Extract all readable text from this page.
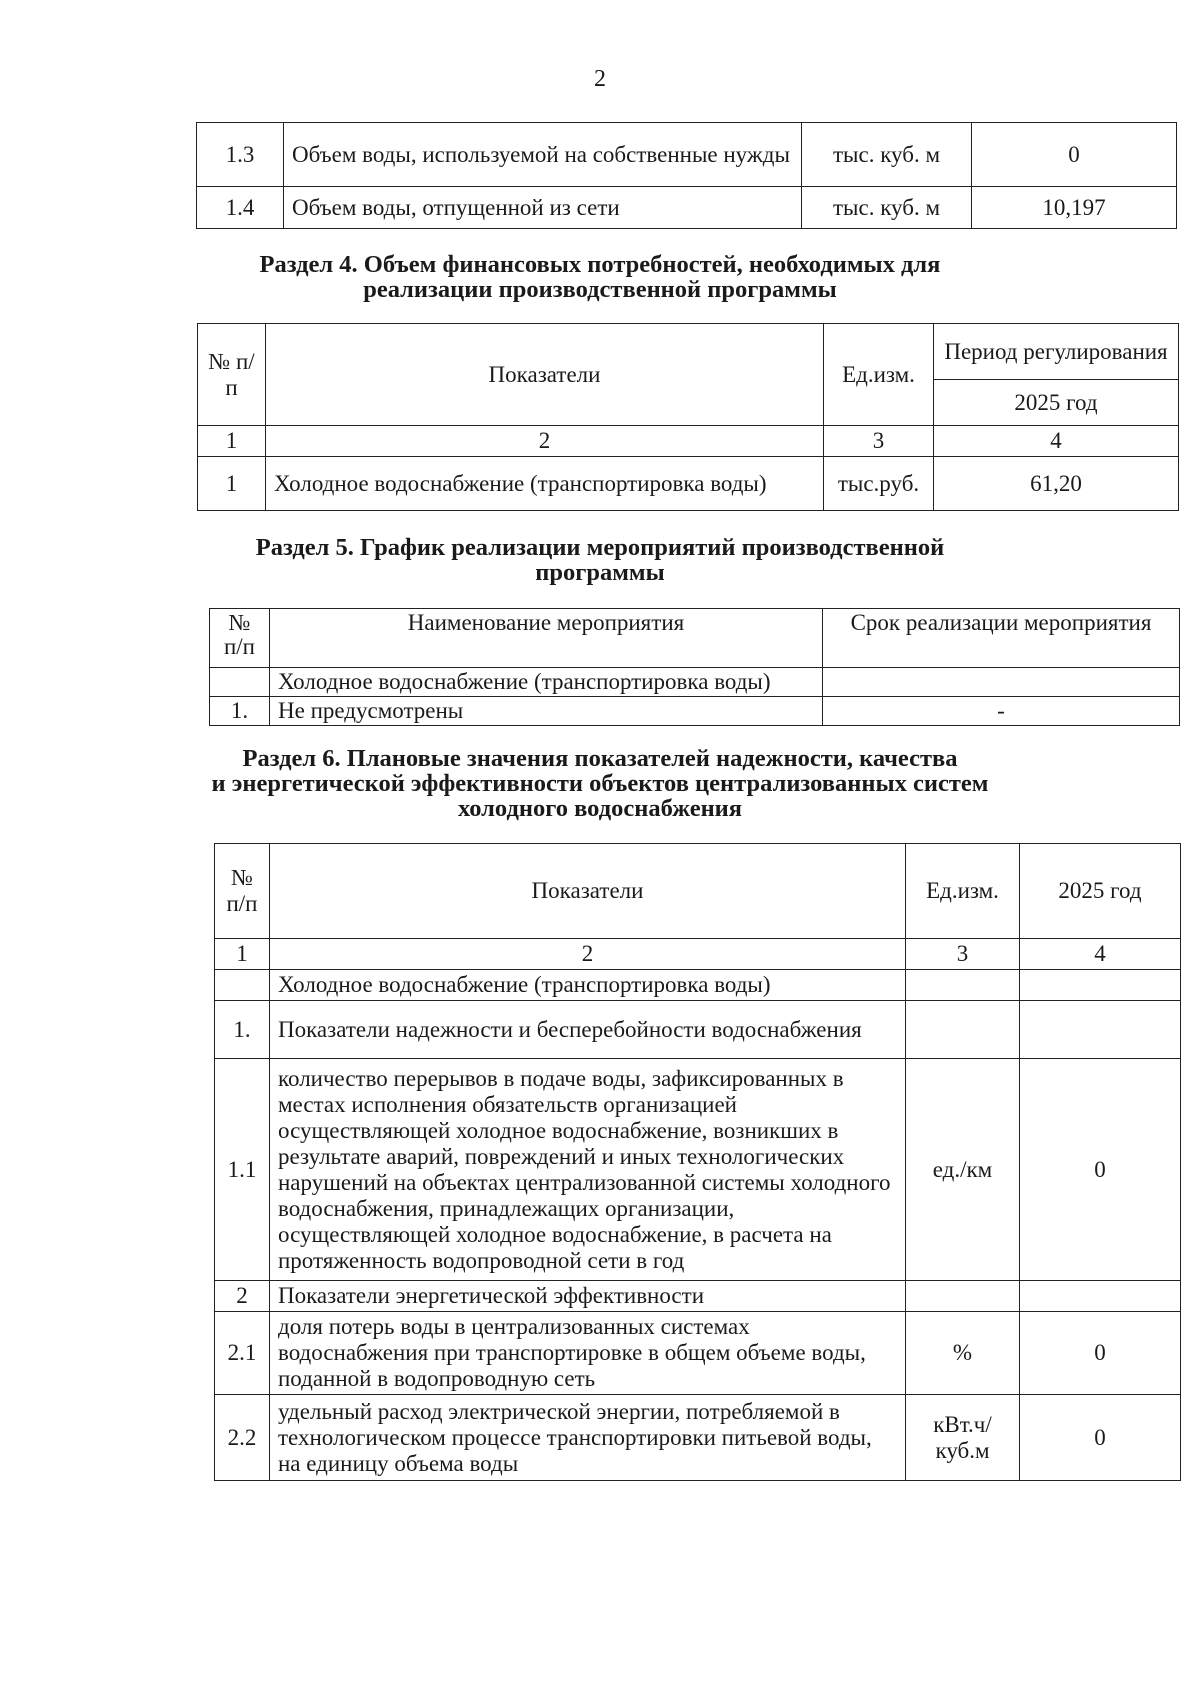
2
1.3	Объем воды, используемой на собственные нужды	тыс. куб. м	0
1.4	Объем воды, отпущенной из сети	тыс. куб. м	10,197
Раздел 4. Объем финансовых потребностей, необходимых для
реализации производственной программы
№ п/п	Показатели	Ед.изм.	Период регулирования
			2025 год
1	2	3	4
1	Холодное водоснабжение (транспортировка воды)	тыс.руб.	61,20
Раздел 5. График реализации мероприятий производственной
программы
№ п/п	Наименование мероприятия	Срок реализации мероприятия
	Холодное водоснабжение (транспортировка воды)	
1.	Не предусмотрены	-
Раздел 6. Плановые значения показателей надежности, качества
и энергетической эффективности объектов централизованных систем
холодного водоснабжения
№ п/п	Показатели	Ед.изм.	2025 год
1	2	3	4
	Холодное водоснабжение (транспортировка воды)		
1.	Показатели надежности и бесперебойности водоснабжения		
1.1	количество перерывов в подаче воды, зафиксированных в местах исполнения обязательств организацией осуществляющей холодное водоснабжение, возникших в результате аварий, повреждений и иных технологических нарушений на объектах централизованной системы холодного водоснабжения, принадлежащих организации, осуществляющей холодное водоснабжение, в расчета на протяженность водопроводной сети в год	ед./км	0
2	Показатели энергетической эффективности		
2.1	доля потерь воды в централизованных системах водоснабжения при транспортировке в общем объеме воды, поданной в водопроводную сеть	%	0
2.2	удельный расход электрической энергии, потребляемой в технологическом процессе транспортировки питьевой воды, на единицу объема воды	кВт.ч/куб.м	0
